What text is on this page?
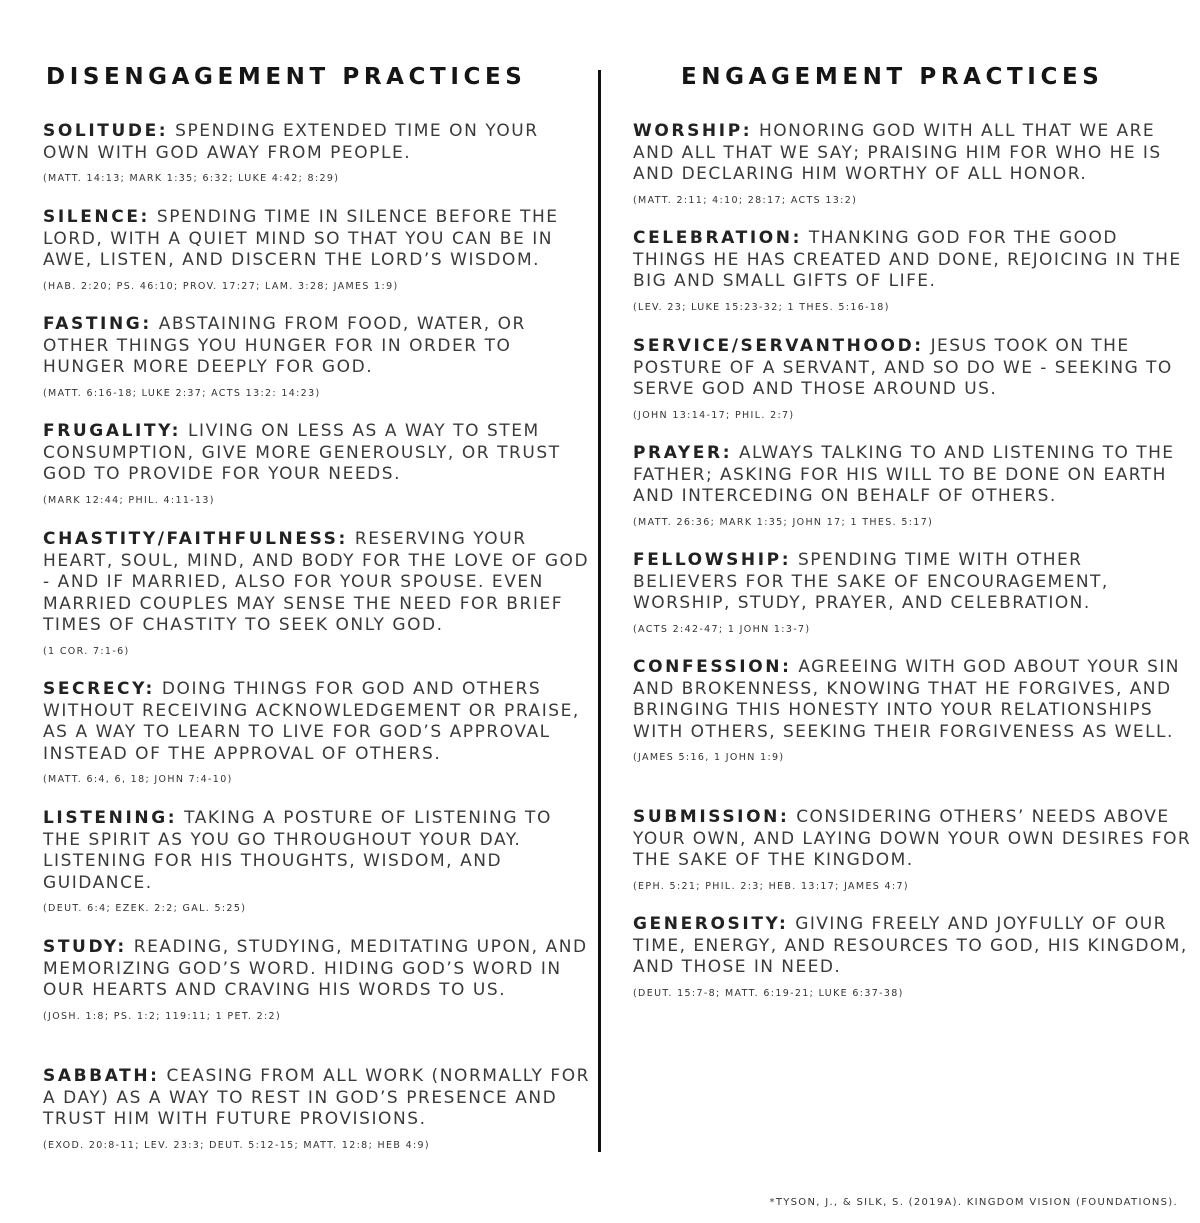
DISENGAGEMENT PRACTICES	ENGAGEMENT PRACTICES

SOLITUDE: SPENDING EXTENDED TIME ON YOUR OWN WITH GOD AWAY FROM PEOPLE.

(MATT. 14:13; MARK 1:35; 6:32; LUKE 4:42; 8:29)

SILENCE: SPENDING TIME IN SILENCE BEFORE THE LORD, WITH A QUIET MIND SO THAT YOU CAN BE IN AWE, LISTEN, AND DISCERN THE LORD’S WISDOM.

(HAB. 2:20; PS. 46:10; PROV. 17:27; LAM. 3:28; JAMES 1:9)

FASTING: ABSTAINING FROM FOOD, WATER, OR OTHER THINGS YOU HUNGER FOR IN ORDER TO HUNGER MORE DEEPLY FOR GOD.

(MATT. 6:16-18; LUKE 2:37; ACTS 13:2: 14:23)

FRUGALITY: LIVING ON LESS AS A WAY TO STEM CONSUMPTION, GIVE MORE GENEROUSLY, OR TRUST GOD TO PROVIDE FOR YOUR NEEDS.

(MARK 12:44; PHIL. 4:11-13)

CHASTITY/FAITHFULNESS: RESERVING YOUR HEART, SOUL, MIND, AND BODY FOR THE LOVE OF GOD - AND IF MARRIED, ALSO FOR YOUR SPOUSE. EVEN MARRIED COUPLES MAY SENSE THE NEED FOR BRIEF TIMES OF CHASTITY TO SEEK ONLY GOD.

(1 COR. 7:1-6)

SECRECY: DOING THINGS FOR GOD AND OTHERS WITHOUT RECEIVING ACKNOWLEDGEMENT OR PRAISE, AS A WAY TO LEARN TO LIVE FOR GOD’S APPROVAL INSTEAD OF THE APPROVAL OF OTHERS.

(MATT. 6:4, 6, 18; JOHN 7:4-10)

LISTENING: TAKING A POSTURE OF LISTENING TO THE SPIRIT AS YOU GO THROUGHOUT YOUR DAY. LISTENING FOR HIS THOUGHTS, WISDOM, AND GUIDANCE.

(DEUT. 6:4; EZEK. 2:2; GAL. 5:25)

STUDY: READING, STUDYING, MEDITATING UPON, AND MEMORIZING GOD’S WORD. HIDING GOD’S WORD IN OUR HEARTS AND CRAVING HIS WORDS TO US.

(JOSH. 1:8; PS. 1:2; 119:11; 1 PET. 2:2)

SABBATH: CEASING FROM ALL WORK (NORMALLY FOR A DAY) AS A WAY TO REST IN GOD’S PRESENCE AND TRUST HIM WITH FUTURE PROVISIONS.

(EXOD. 20:8-11; LEV. 23:3; DEUT. 5:12-15; MATT. 12:8; HEB 4:9)

WORSHIP: HONORING GOD WITH ALL THAT WE ARE AND ALL THAT WE SAY; PRAISING HIM FOR WHO HE IS AND DECLARING HIM WORTHY OF ALL HONOR.

(MATT. 2:11; 4:10; 28:17; ACTS 13:2)

CELEBRATION: THANKING GOD FOR THE GOOD THINGS HE HAS CREATED AND DONE, REJOICING IN THE BIG AND SMALL GIFTS OF LIFE.

(LEV. 23; LUKE 15:23-32; 1 THES. 5:16-18)

SERVICE/SERVANTHOOD: JESUS TOOK ON THE POSTURE OF A SERVANT, AND SO DO WE - SEEKING TO SERVE GOD AND THOSE AROUND US.

(JOHN 13:14-17; PHIL. 2:7)

PRAYER: ALWAYS TALKING TO AND LISTENING TO THE FATHER; ASKING FOR HIS WILL TO BE DONE ON EARTH AND INTERCEDING ON BEHALF OF OTHERS.

(MATT. 26:36; MARK 1:35; JOHN 17; 1 THES. 5:17)

FELLOWSHIP: SPENDING TIME WITH OTHER BELIEVERS FOR THE SAKE OF ENCOURAGEMENT, WORSHIP, STUDY, PRAYER, AND CELEBRATION.

(ACTS 2:42-47; 1 JOHN 1:3-7)

CONFESSION: AGREEING WITH GOD ABOUT YOUR SIN AND BROKENNESS, KNOWING THAT HE FORGIVES, AND BRINGING THIS HONESTY INTO YOUR RELATIONSHIPS WITH OTHERS, SEEKING THEIR FORGIVENESS AS WELL.

(JAMES 5:16, 1 JOHN 1:9)

SUBMISSION: CONSIDERING OTHERS’ NEEDS ABOVE YOUR OWN, AND LAYING DOWN YOUR OWN DESIRES FOR THE SAKE OF THE KINGDOM.

(EPH. 5:21; PHIL. 2:3; HEB. 13:17; JAMES 4:7)

GENEROSITY: GIVING FREELY AND JOYFULLY OF OUR TIME, ENERGY, AND RESOURCES TO GOD, HIS KINGDOM, AND THOSE IN NEED.

(DEUT. 15:7-8; MATT. 6:19-21; LUKE 6:37-38)

*TYSON, J., & SILK, S. (2019A). KINGDOM VISION (FOUNDATIONS).
